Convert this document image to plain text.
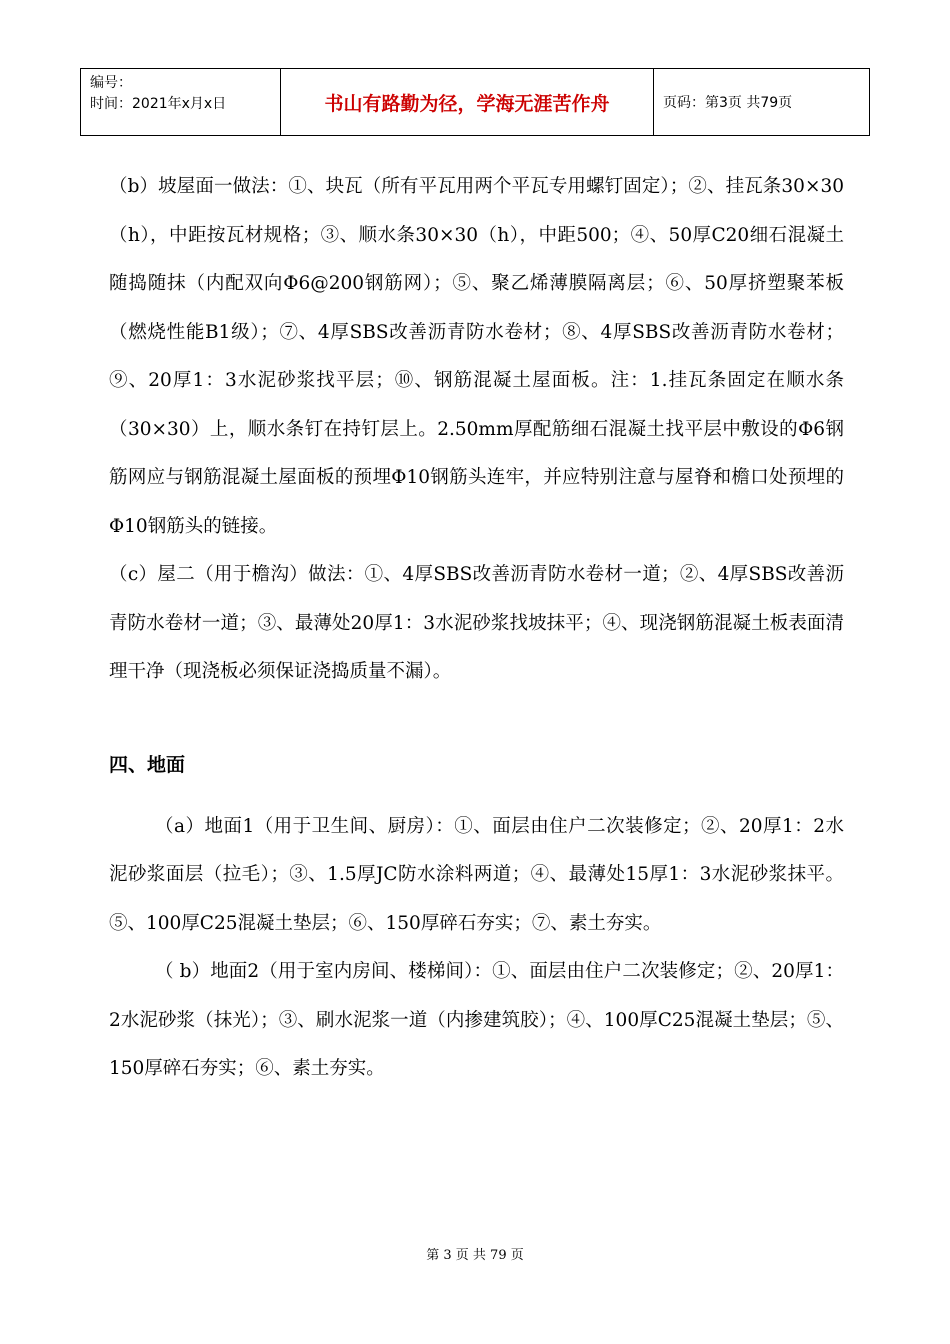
编号：
时间：2021年x月x日	书山有路勤为径，学海无涯苦作舟	页码：第3页 共79页

（b）坡屋面一做法：①、块瓦（所有平瓦用两个平瓦专用螺钉固定）；②、挂瓦条30×30（h），中距按瓦材规格；③、顺水条30×30（h），中距500；④、50厚C20细石混凝土随捣随抹（内配双向Φ6@200钢筋网）；⑤、聚乙烯薄膜隔离层；⑥、50厚挤塑聚苯板（燃烧性能B1级）；⑦、4厚SBS改善沥青防水卷材；⑧、4厚SBS改善沥青防水卷材；⑨、20厚1：3水泥砂浆找平层；⑩、钢筋混凝土屋面板。注：1.挂瓦条固定在顺水条（30×30）上，顺水条钉在持钉层上。2.50mm厚配筋细石混凝土找平层中敷设的Φ6钢筋网应与钢筋混凝土屋面板的预埋Φ10钢筋头连牢，并应特别注意与屋脊和檐口处预埋的Φ10钢筋头的链接。

（c）屋二（用于檐沟）做法：①、4厚SBS改善沥青防水卷材一道；②、4厚SBS改善沥青防水卷材一道；③、最薄处20厚1：3水泥砂浆找坡抹平；④、现浇钢筋混凝土板表面清理干净（现浇板必须保证浇捣质量不漏）。

四、地面

（a）地面1（用于卫生间、厨房）：①、面层由住户二次装修定；②、20厚1：2水泥砂浆面层（拉毛）；③、1.5厚JC防水涂料两道；④、最薄处15厚1：3水泥砂浆抹平。⑤、100厚C25混凝土垫层；⑥、150厚碎石夯实；⑦、素土夯实。

（ b）地面2（用于室内房间、楼梯间）：①、面层由住户二次装修定；②、20厚1：2水泥砂浆（抹光）；③、刷水泥浆一道（内掺建筑胶）；④、100厚C25混凝土垫层；⑤、150厚碎石夯实；⑥、素土夯实。

第 3 页 共 79 页
